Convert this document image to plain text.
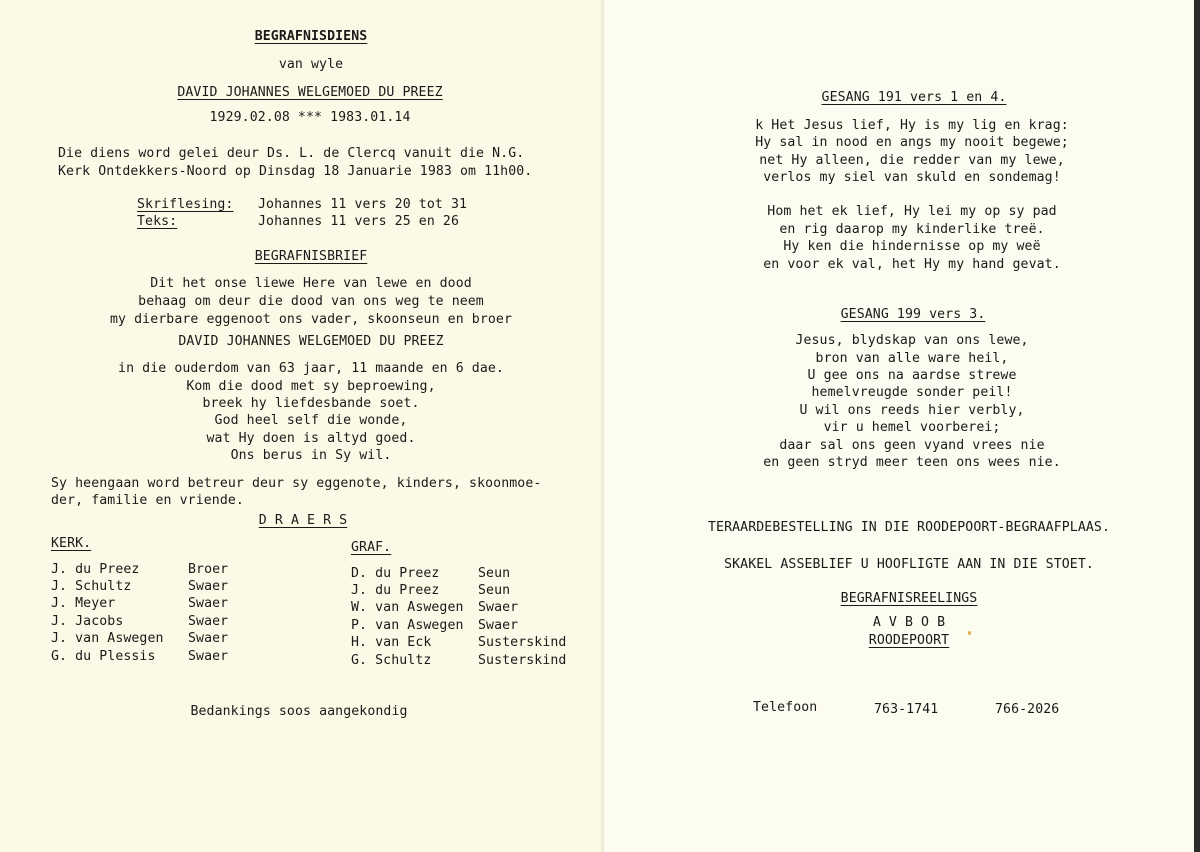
BEGRAFNISDIENS
van wyle
DAVID JOHANNES WELGEMOED DU PREEZ
1929.02.08 *** 1983.01.14
Die diens word gelei deur Ds. L. de Clercq vanuit die N.G.
Kerk Ontdekkers-Noord op Dinsdag 18 Januarie 1983 om 11h00.
Skriflesing: Johannes 11 vers 20 tot 31
Teks:	Johannes 11 vers 25 en 26
BEGRAFNISBRIEF
Dit het onse liewe Here van lewe en dood
behaag om deur die dood van ons weg te neem
my dierbare eggenoot ons vader, skoonseun en broer
DAVID JOHANNES WELGEMOED DU PREEZ
in die ouderdom van 63 jaar, 11 maande en 6 dae.
Kom die dood met sy beproewing,
breek hy liefdesbande soet.
God heel self die wonde,
wat Hy doen is altyd goed.
Ons berus in Sy wil.
Sy heengaan word betreur deur sy eggenote, kinders, skoonmoe-
der, familie en vriende.
D R A E R S
KERK.	GRAF.
J. du Preez	Broer
J. Schultz	Swaer
J. Meyer	Swaer
J. Jacobs	Swaer
J. van Aswegen Swaer
G. du Plessis Swaer
D. du Preez	Seun
J. du Preez	Seun
W. van Aswegen Swaer
P. van Aswegen Swaer
H. van Eck	Susterskind
G. Schultz	Susterskind
Bedankings soos aangekondig
GESANG 191 vers 1 en 4.
k Het Jesus lief, Hy is my lig en krag:
Hy sal in nood en angs my nooit begewe;
net Hy alleen, die redder van my lewe,
verlos my siel van skuld en sondemag!
Hom het ek lief, Hy lei my op sy pad
en rig daarop my kinderlike treë.
Hy ken die hindernisse op my weë
en voor ek val, het Hy my hand gevat.
GESANG 199 vers 3.
Jesus, blydskap van ons lewe,
bron van alle ware heil,
U gee ons na aardse strewe
hemelvreugde sonder peil!
U wil ons reeds hier verbly,
vir u hemel voorberei;
daar sal ons geen vyand vrees nie
en geen stryd meer teen ons wees nie.
TERAARDEBESTELLING IN DIE ROODEPOORT-BEGRAAFPLAAS.
SKAKEL ASSEBLIEF U HOOFLIGTE AAN IN DIE STOET.
BEGRAFNISREELINGS
A V B O B
ROODEPOORT
Telefoon	763-1741	766-2026
